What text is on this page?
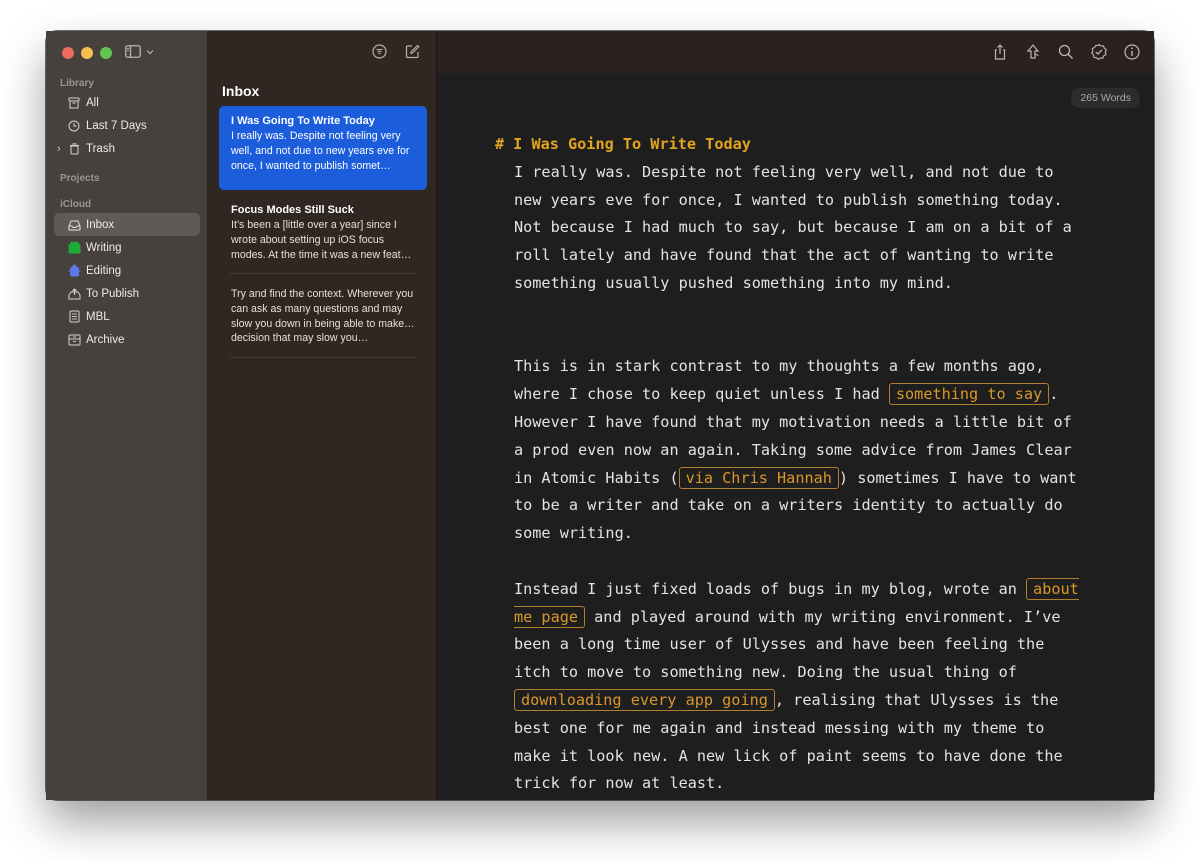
Library
All
Last 7 Days
› Trash
Projects
iCloud
Inbox
Writing
Editing
To Publish
MBL
Archive
Inbox
I Was Going To Write Today
I really was. Despite not feeling very well, and not due to new years eve for once, I wanted to publish somet…
Focus Modes Still Suck
It’s been a [little over a year] since I wrote about setting up iOS focus modes. At the time it was a new feat…
Try and find the context. Wherever you can ask as many questions and may slow you down in being able to make a decision that may slow you…
265 Words
# I Was Going To Write Today
I really was. Despite not feeling very well, and not due to new years eve for once, I wanted to publish something today. Not because I had much to say, but because I am on a bit of a roll lately and have found that the act of wanting to write something usually pushed something into my mind.
This is in stark contrast to my thoughts a few months ago, where I chose to keep quiet unless I had something to say . However I have found that my motivation needs a little bit of a prod even now an again. Taking some advice from James Clear in Atomic Habits ( via Chris Hannah ) sometimes I have to want to be a writer and take on a writers identity to actually do some writing.
Instead I just fixed loads of bugs in my blog, wrote an about me page and played around with my writing environment. I’ve been a long time user of Ulysses and have been feeling the itch to move to something new. Doing the usual thing of downloading every app going , realising that Ulysses is the best one for me again and instead messing with my theme to make it look new. A new lick of paint seems to have done the trick for now at least.
